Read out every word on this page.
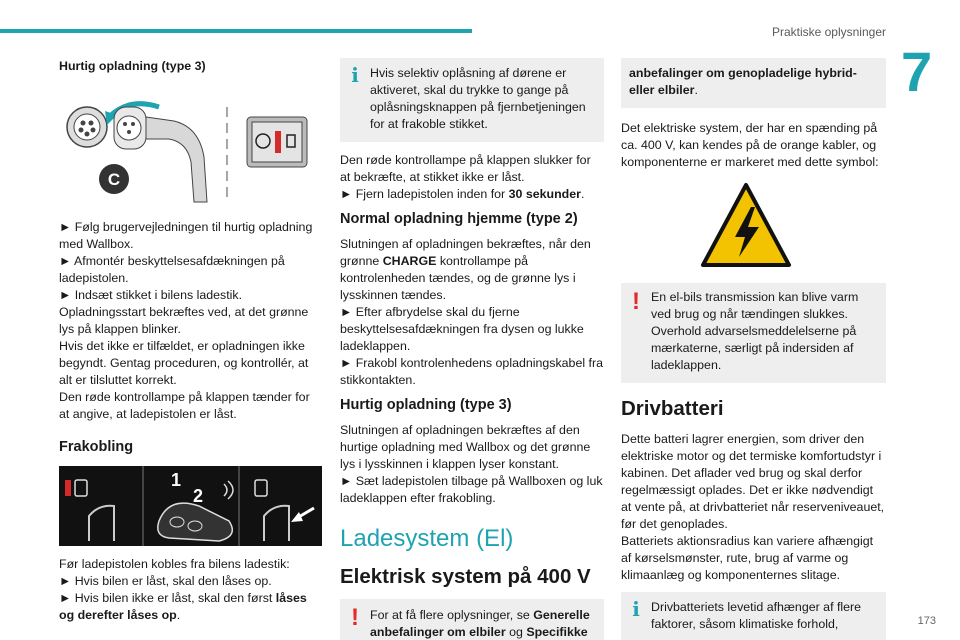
Praktiske oplysninger
7
Hurtig opladning (type 3)
C

► Følg brugervejledningen til hurtig opladning med Wallbox.

► Afmontér beskyttelsesafdækningen på ladepistolen.

► Indsæt stikket i bilens ladestik.

Opladningsstart bekræftes ved, at det grønne lys på klappen blinker.

Hvis det ikke er tilfældet, er opladningen ikke begyndt. Gentag proceduren, og kontrollér, at alt er tilsluttet korrekt.

Den røde kontrollampe på klappen tænder for at angive, at ladepistolen er låst.

Frakobling
1
2

Før ladepistolen kobles fra bilens ladestik:

► Hvis bilen er låst, skal den låses op.

► Hvis bilen ikke er låst, skal den først låses og derefter låses op.

i Hvis selektiv oplåsning af dørene er aktiveret, skal du trykke to gange på oplåsningsknappen på fjernbetjeningen for at frakoble stikket.

Den røde kontrollampe på klappen slukker for at bekræfte, at stikket ikke er låst.

► Fjern ladepistolen inden for 30 sekunder.

Normal opladning hjemme (type 2)

Slutningen af opladningen bekræftes, når den grønne CHARGE kontrollampe på kontrolenheden tændes, og de grønne lys i lysskinnen tændes.

► Efter afbrydelse skal du fjerne beskyttelsesafdækningen fra dysen og lukke ladeklappen.

► Frakobl kontrolenhedens opladningskabel fra stikkontakten.

Hurtig opladning (type 3)

Slutningen af opladningen bekræftes af den hurtige opladning med Wallbox og det grønne lys i lysskinnen i klappen lyser konstant.

► Sæt ladepistolen tilbage på Wallboxen og luk ladeklappen efter frakobling.

Ladesystem (El)
Elektrisk system på 400 V
! For at få flere oplysninger, se Generelle anbefalinger om elbiler og Specifikke

anbefalinger om genopladelige hybrid- eller elbiler.

Det elektriske system, der har en spænding på ca. 400 V, kan kendes på de orange kabler, og komponenterne er markeret med dette symbol:

! En el-bils transmission kan blive varm ved brug og når tændingen slukkes. Overhold advarselsmeddelelserne på mærkaterne, særligt på indersiden af ladeklappen.

Drivbatteri

Dette batteri lagrer energien, som driver den elektriske motor og det termiske komfortudstyr i kabinen. Det aflader ved brug og skal derfor regelmæssigt oplades. Det er ikke nødvendigt at vente på, at drivbatteriet når reserveniveauet, før det genoplades.

Batteriets aktionsradius kan variere afhængigt af kørselsmønster, rute, brug af varme og klimaanlæg og komponenternes slitage.

i Drivbatteriets levetid afhænger af flere faktorer, såsom klimatiske forhold,	173
